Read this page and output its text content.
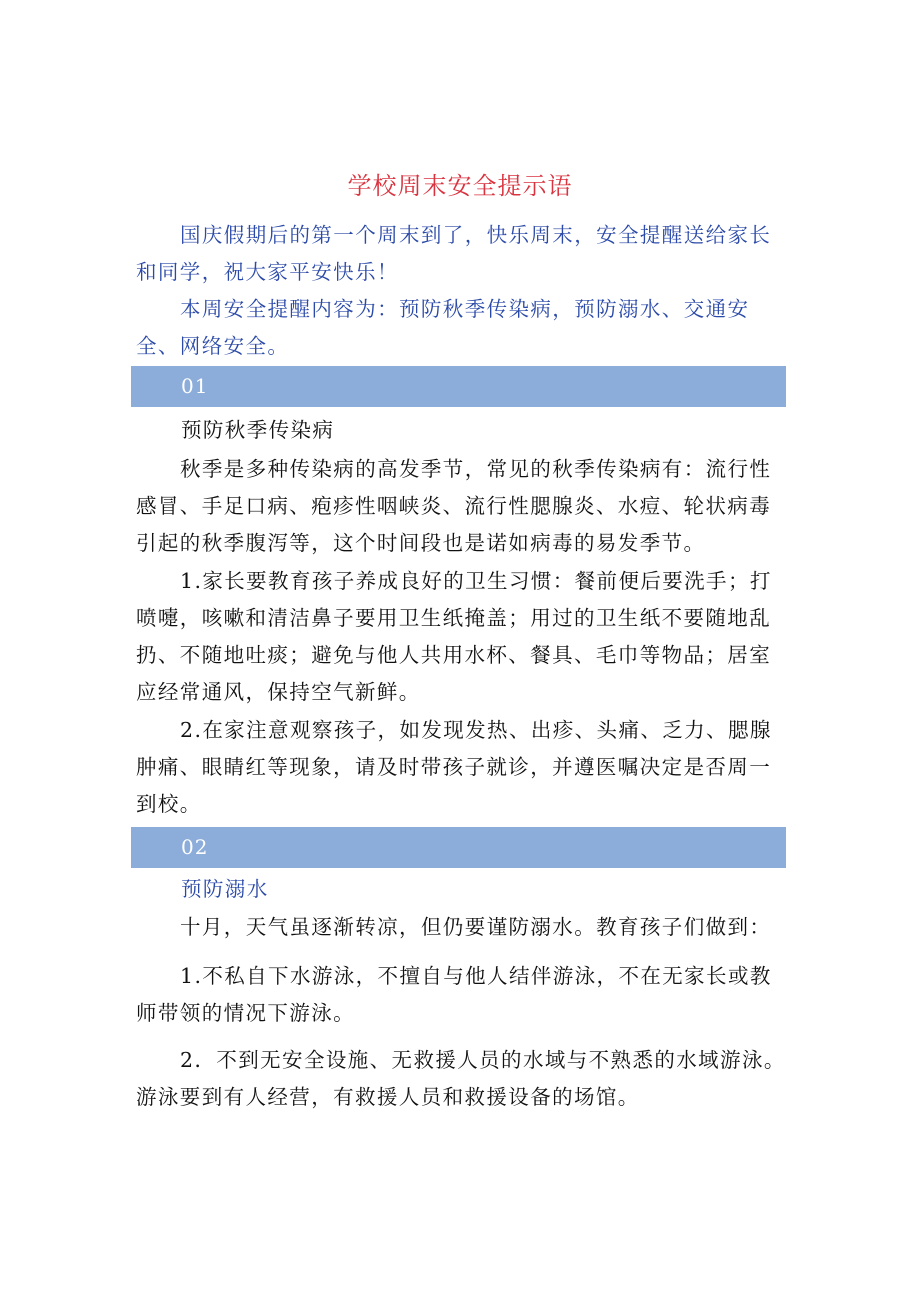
学校周末安全提示语

国庆假期后的第一个周末到了，快乐周末，安全提醒送给家长和同学，祝大家平安快乐！

本周安全提醒内容为：预防秋季传染病，预防溺水、交通安全、网络安全。

01
预防秋季传染病

秋季是多种传染病的高发季节，常见的秋季传染病有：流行性感冒、手足口病、疱疹性咽峡炎、流行性腮腺炎、水痘、轮状病毒引起的秋季腹泻等，这个时间段也是诺如病毒的易发季节。

1.家长要教育孩子养成良好的卫生习惯：餐前便后要洗手；打喷嚏，咳嗽和清洁鼻子要用卫生纸掩盖；用过的卫生纸不要随地乱扔、不随地吐痰；避免与他人共用水杯、餐具、毛巾等物品；居室应经常通风，保持空气新鲜。

2.在家注意观察孩子，如发现发热、出疹、头痛、乏力、腮腺肿痛、眼睛红等现象，请及时带孩子就诊，并遵医嘱决定是否周一到校。

02
预防溺水

十月，天气虽逐渐转凉，但仍要谨防溺水。教育孩子们做到：

1.不私自下水游泳，不擅自与他人结伴游泳，不在无家长或教师带领的情况下游泳。

2．不到无安全设施、无救援人员的水域与不熟悉的水域游泳。游泳要到有人经营，有救援人员和救援设备的场馆。
